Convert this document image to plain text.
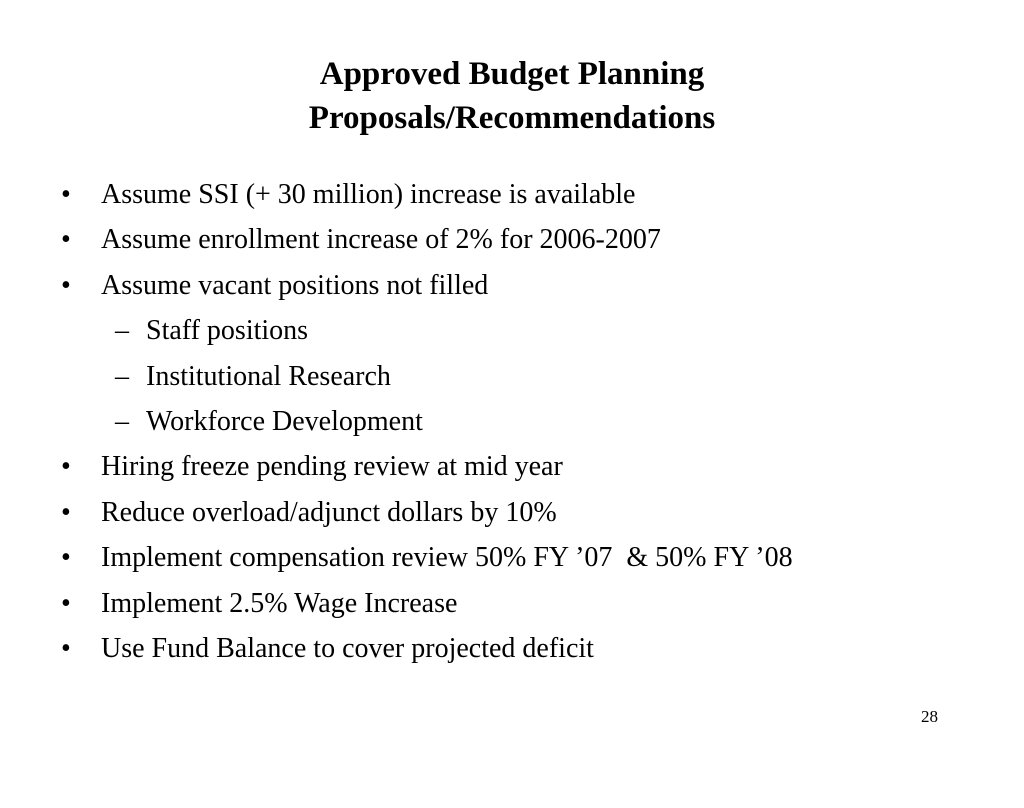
Approved Budget Planning
Proposals/Recommendations

•

Assume SSI (+ 30 million) increase is available

•

Assume enrollment increase of 2% for 2006-2007

•

Assume vacant positions not filled

–

Staff positions

–

Institutional Research

–

Workforce Development

•

Hiring freeze pending review at mid year

•

Reduce overload/adjunct dollars by 10%

•

Implement compensation review 50% FY ’07  & 50% FY ’08

•

Implement 2.5% Wage Increase

•

Use Fund Balance to cover projected deficit

28
